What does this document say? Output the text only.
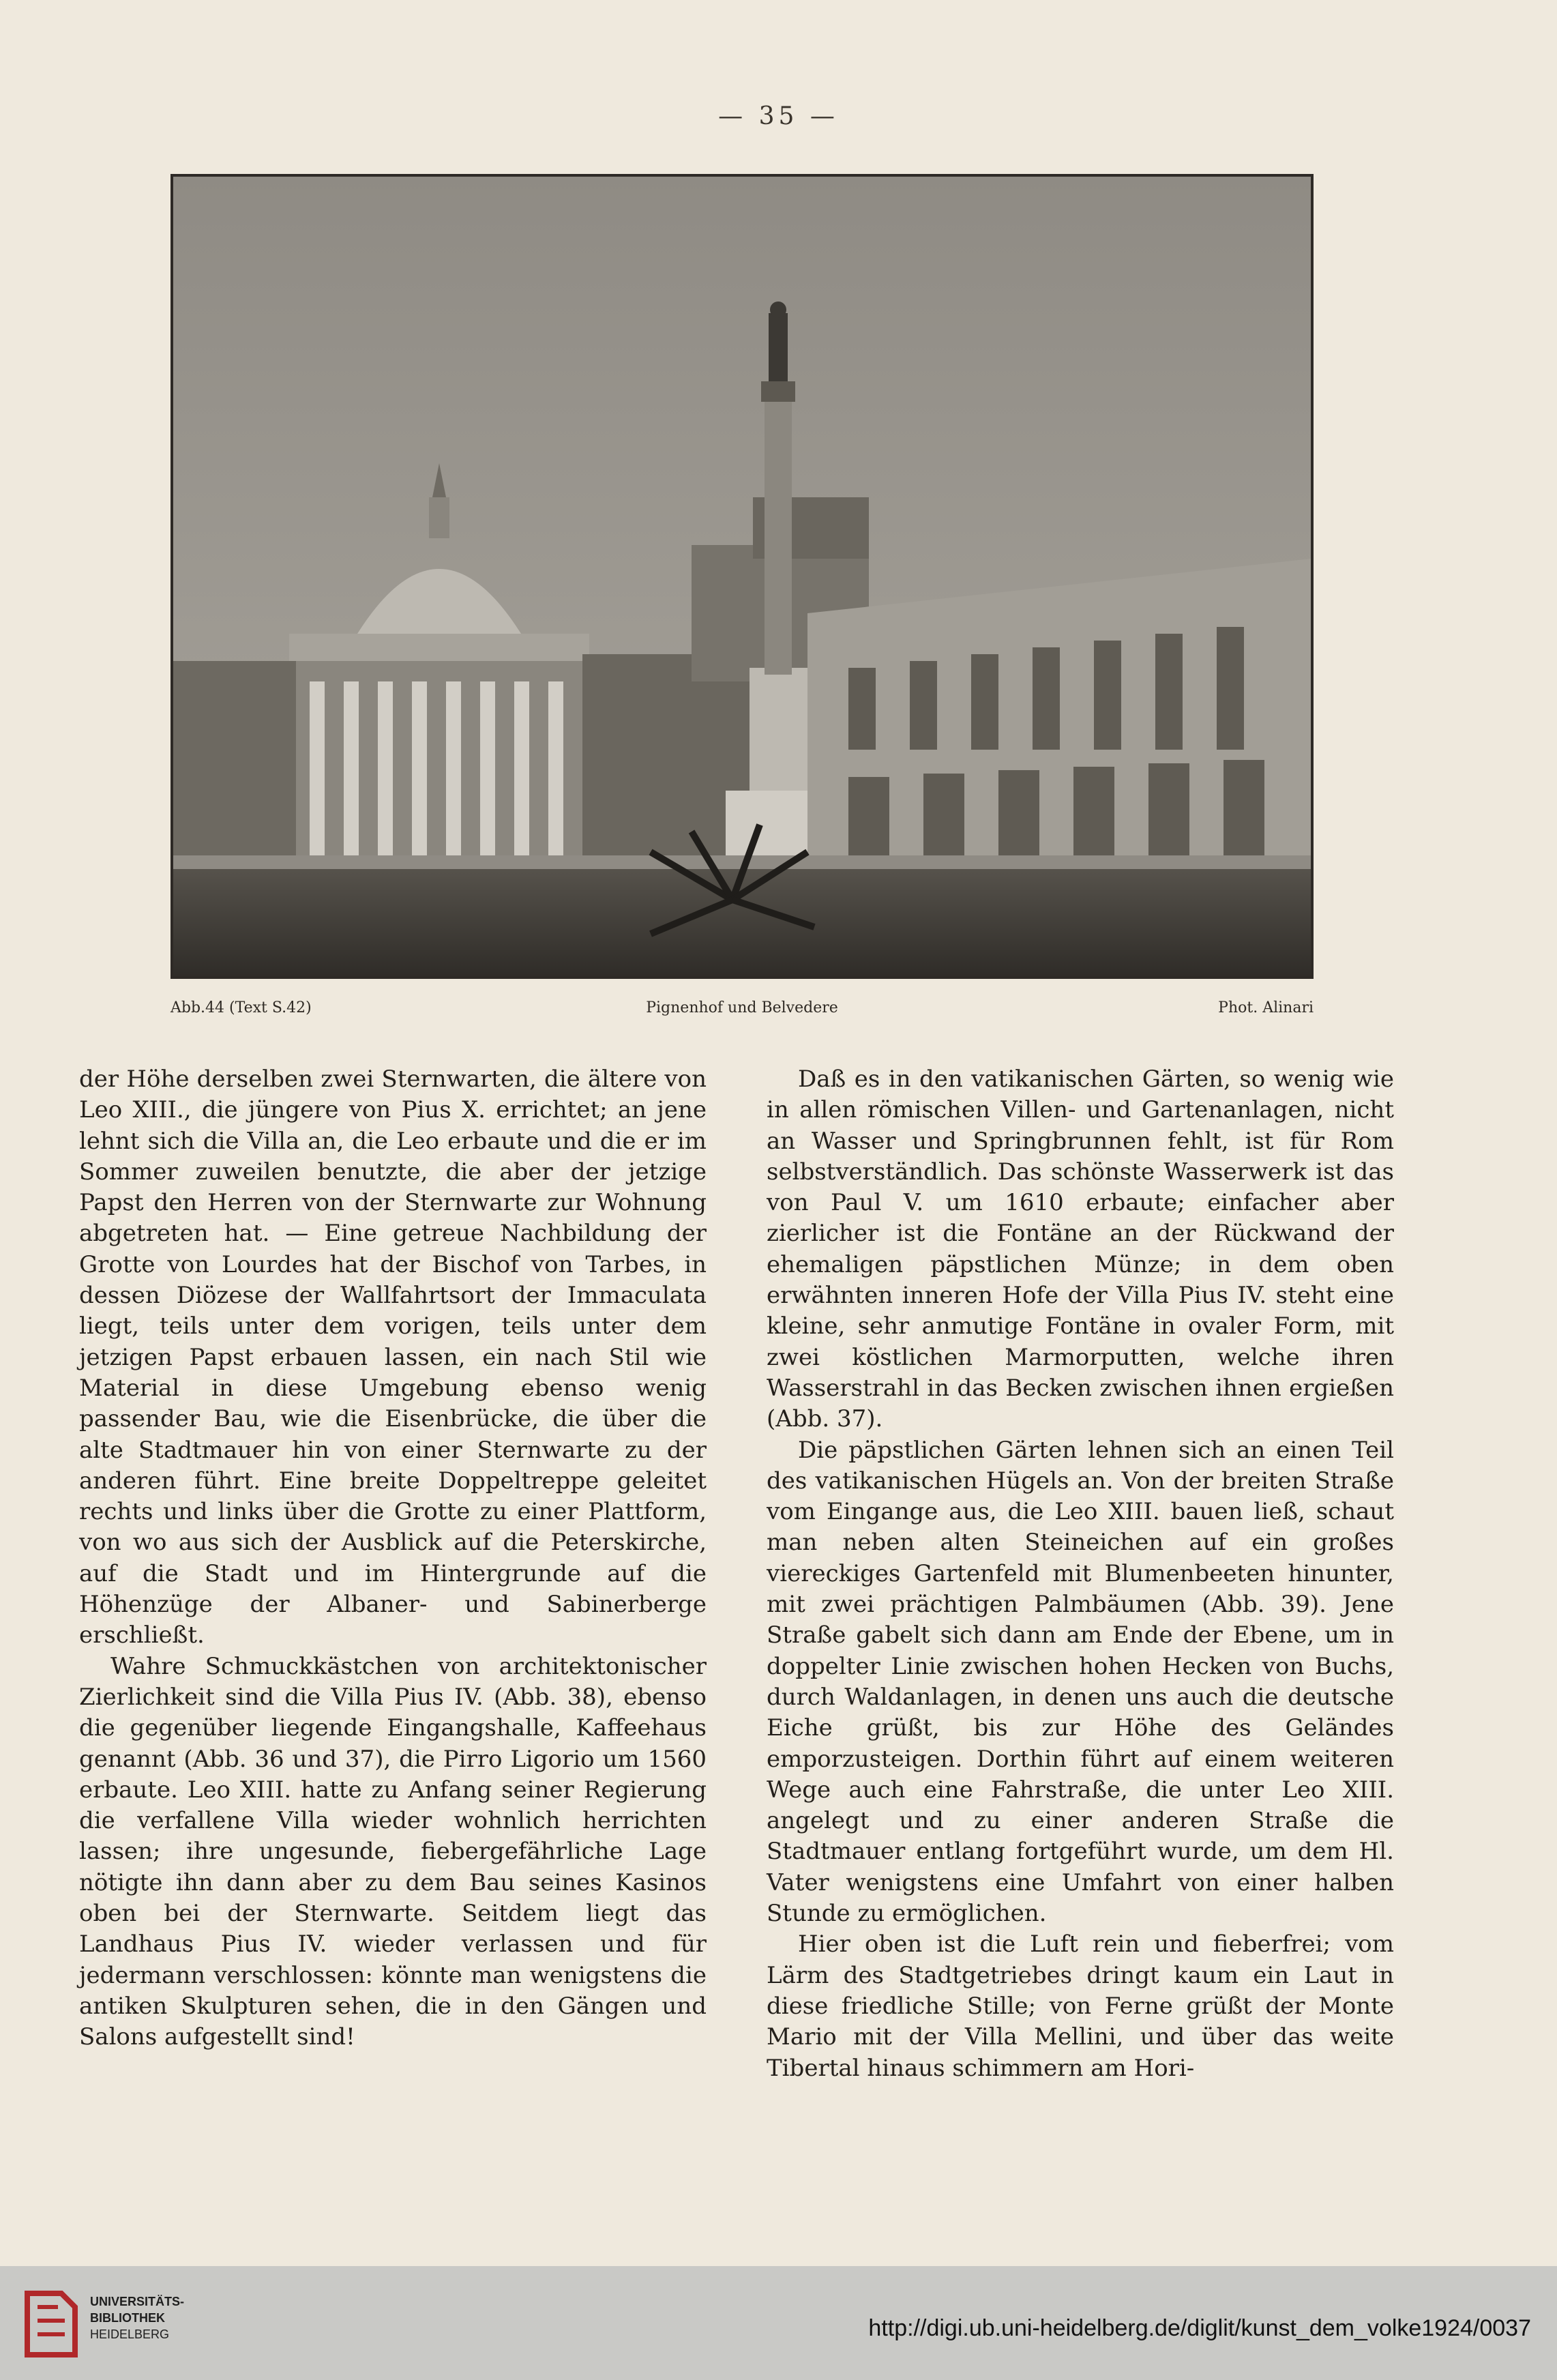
— 35 —
Abb.44 (Text S.42)	Pignenhof und Belvedere	Phot. Alinari

der Höhe derselben zwei Sternwarten, die ältere von Leo XIII., die jüngere von Pius X. errichtet; an jene lehnt sich die Villa an, die Leo erbaute und die er im Sommer zuweilen benutzte, die aber der jetzige Papst den Herren von der Sternwarte zur Wohnung abgetreten hat. — Eine getreue Nachbildung der Grotte von Lourdes hat der Bischof von Tarbes, in dessen Diözese der Wallfahrtsort der Immaculata liegt, teils unter dem vorigen, teils unter dem jetzigen Papst erbauen lassen, ein nach Stil wie Material in diese Umgebung ebenso wenig passender Bau, wie die Eisenbrücke, die über die alte Stadtmauer hin von einer Sternwarte zu der anderen führt. Eine breite Doppeltreppe geleitet rechts und links über die Grotte zu einer Plattform, von wo aus sich der Ausblick auf die Peterskirche, auf die Stadt und im Hintergrunde auf die Höhenzüge der Albaner- und Sabinerberge erschließt.

Wahre Schmuckkästchen von architektonischer Zierlichkeit sind die Villa Pius IV. (Abb. 38), ebenso die gegenüber liegende Eingangshalle, Kaffeehaus genannt (Abb. 36 und 37), die Pirro Ligorio um 1560 erbaute. Leo XIII. hatte zu Anfang seiner Regierung die verfallene Villa wieder wohnlich herrichten lassen; ihre ungesunde, fiebergefährliche Lage nötigte ihn dann aber zu dem Bau seines Kasinos oben bei der Sternwarte. Seitdem liegt das Landhaus Pius IV. wieder verlassen und für jedermann verschlossen: könnte man wenigstens die antiken Skulpturen sehen, die in den Gängen und Salons aufgestellt sind!

Daß es in den vatikanischen Gärten, so wenig wie in allen römischen Villen- und Gartenanlagen, nicht an Wasser und Springbrunnen fehlt, ist für Rom selbstverständlich. Das schönste Wasserwerk ist das von Paul V. um 1610 erbaute; einfacher aber zierlicher ist die Fontäne an der Rückwand der ehemaligen päpstlichen Münze; in dem oben erwähnten inneren Hofe der Villa Pius IV. steht eine kleine, sehr anmutige Fontäne in ovaler Form, mit zwei köstlichen Marmorputten, welche ihren Wasserstrahl in das Becken zwischen ihnen ergießen (Abb. 37).

Die päpstlichen Gärten lehnen sich an einen Teil des vatikanischen Hügels an. Von der breiten Straße vom Eingange aus, die Leo XIII. bauen ließ, schaut man neben alten Steineichen auf ein großes viereckiges Gartenfeld mit Blumenbeeten hinunter, mit zwei prächtigen Palmbäumen (Abb. 39). Jene Straße gabelt sich dann am Ende der Ebene, um in doppelter Linie zwischen hohen Hecken von Buchs, durch Waldanlagen, in denen uns auch die deutsche Eiche grüßt, bis zur Höhe des Geländes emporzusteigen. Dorthin führt auf einem weiteren Wege auch eine Fahrstraße, die unter Leo XIII. angelegt und zu einer anderen Straße die Stadtmauer entlang fortgeführt wurde, um dem Hl. Vater wenigstens eine Umfahrt von einer halben Stunde zu ermöglichen.

Hier oben ist die Luft rein und fieberfrei; vom Lärm des Stadtgetriebes dringt kaum ein Laut in diese friedliche Stille; von Ferne grüßt der Monte Mario mit der Villa Mellini, und über das weite Tibertal hinaus schimmern am Hori-

UNIVERSITÄTS-
BIBLIOTHEK
HEIDELBERG	http://digi.ub.uni-heidelberg.de/diglit/kunst_dem_volke1924/0037
